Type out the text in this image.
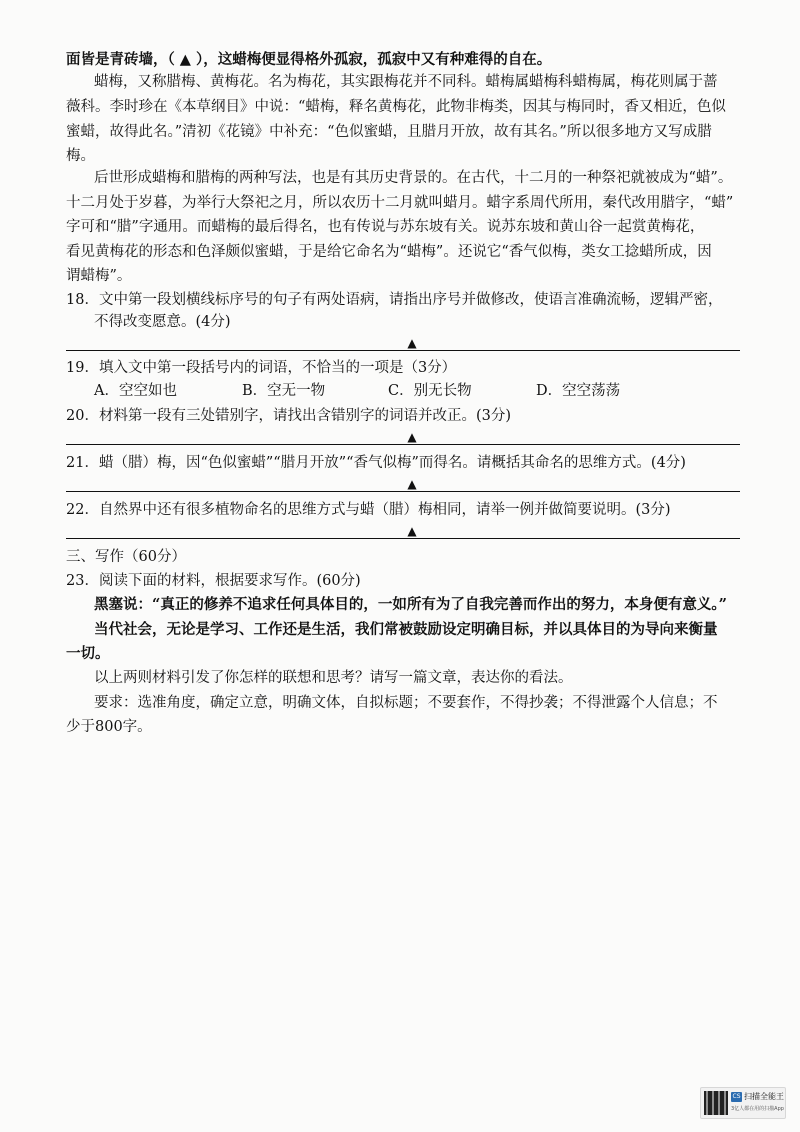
面皆是青砖墙，（ ▲ ），这蜡梅便显得格外孤寂，孤寂中又有种难得的自在。
蜡梅，又称腊梅、黄梅花。名为梅花，其实跟梅花并不同科。蜡梅属蜡梅科蜡梅属，梅花则属于蔷
薇科。李时珍在《本草纲目》中说：“蜡梅，释名黄梅花，此物非梅类，因其与梅同时，香又相近，色似
蜜蜡，故得此名。”清初《花镜》中补充：“色似蜜蜡，且腊月开放，故有其名。”所以很多地方又写成腊
梅。
后世形成蜡梅和腊梅的两种写法，也是有其历史背景的。在古代，十二月的一种祭祀就被成为“蜡”。
十二月处于岁暮，为举行大祭祀之月，所以农历十二月就叫蜡月。蜡字系周代所用，秦代改用腊字，“蜡”
字可和“腊”字通用。而蜡梅的最后得名，也有传说与苏东坡有关。说苏东坡和黄山谷一起赏黄梅花，
看见黄梅花的形态和色泽颇似蜜蜡，于是给它命名为“蜡梅”。还说它“香气似梅，类女工捻蜡所成，因
谓蜡梅”。
18．文中第一段划横线标序号的句子有两处语病，请指出序号并做修改，使语言准确流畅，逻辑严密，
不得改变愿意。(4分)
▲
19．填入文中第一段括号内的词语，不恰当的一项是（3分）
A．空空如也	B．空无一物	C．别无长物	D．空空荡荡
20．材料第一段有三处错别字，请找出含错别字的词语并改正。(3分)
▲
21．蜡（腊）梅，因“色似蜜蜡”“腊月开放”“香气似梅”而得名。请概括其命名的思维方式。(4分)
▲
22．自然界中还有很多植物命名的思维方式与蜡（腊）梅相同，请举一例并做简要说明。(3分)
▲
三、写作（60分）
23．阅读下面的材料，根据要求写作。(60分)
黑塞说：“真正的修养不追求任何具体目的，一如所有为了自我完善而作出的努力，本身便有意义。”
当代社会，无论是学习、工作还是生活，我们常被鼓励设定明确目标，并以具体目的为导向来衡量
一切。
以上两则材料引发了你怎样的联想和思考？请写一篇文章，表达你的看法。
要求：选准角度，确定立意，明确文体，自拟标题；不要套作，不得抄袭；不得泄露个人信息；不
少于800字。
CS 扫描全能王
3亿人都在用的扫描App
